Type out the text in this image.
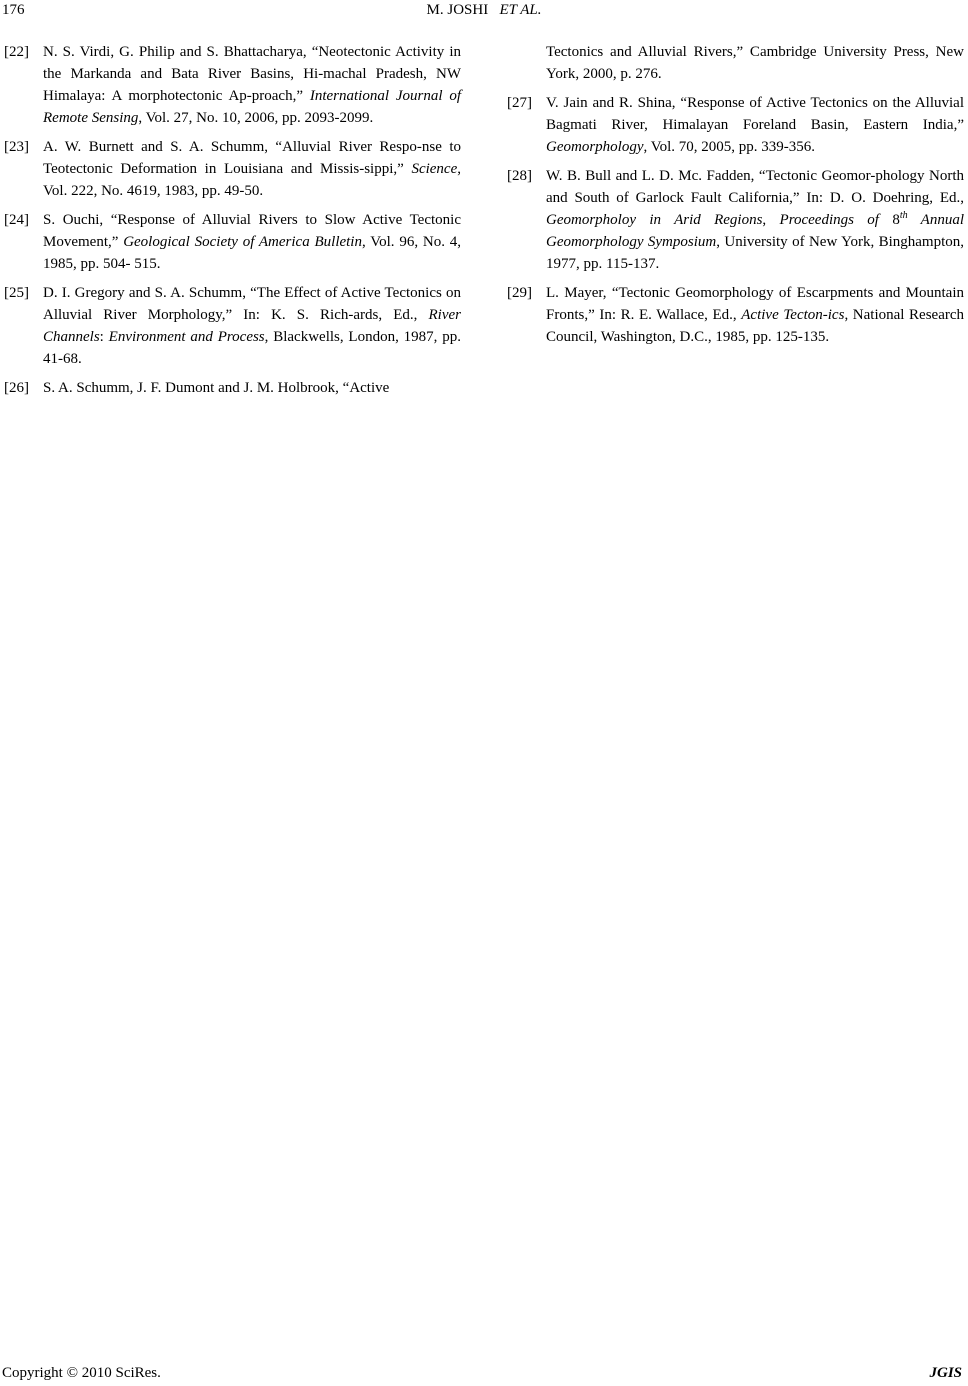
176	M. JOSHI ET AL.
[22] N. S. Virdi, G. Philip and S. Bhattacharya, “Neotectonic Activity in the Markanda and Bata River Basins, Hi-machal Pradesh, NW Himalaya: A morphotectonic Ap-proach,” International Journal of Remote Sensing, Vol. 27, No. 10, 2006, pp. 2093-2099.
[23] A. W. Burnett and S. A. Schumm, “Alluvial River Respo-nse to Teotectonic Deformation in Louisiana and Missis-sippi,” Science, Vol. 222, No. 4619, 1983, pp. 49-50.
[24] S. Ouchi, “Response of Alluvial Rivers to Slow Active Tectonic Movement,” Geological Society of America Bulletin, Vol. 96, No. 4, 1985, pp. 504- 515.
[25] D. I. Gregory and S. A. Schumm, “The Effect of Active Tectonics on Alluvial River Morphology,” In: K. S. Rich-ards, Ed., River Channels: Environment and Process, Blackwells, London, 1987, pp. 41-68.
[26] S. A. Schumm, J. F. Dumont and J. M. Holbrook, “Active
Tectonics and Alluvial Rivers,” Cambridge University Press, New York, 2000, p. 276.
[27] V. Jain and R. Shina, “Response of Active Tectonics on the Alluvial Bagmati River, Himalayan Foreland Basin, Eastern India,” Geomorphology, Vol. 70, 2005, pp. 339-356.
[28] W. B. Bull and L. D. Mc. Fadden, “Tectonic Geomor-phology North and South of Garlock Fault California,” In: D. O. Doehring, Ed., Geomorpholoy in Arid Regions, Proceedings of 8th Annual Geomorphology Symposium, University of New York, Binghampton, 1977, pp. 115-137.
[29] L. Mayer, “Tectonic Geomorphology of Escarpments and Mountain Fronts,” In: R. E. Wallace, Ed., Active Tecton-ics, National Research Council, Washington, D.C., 1985, pp. 125-135.
Copyright © 2010 SciRes.	JGIS
